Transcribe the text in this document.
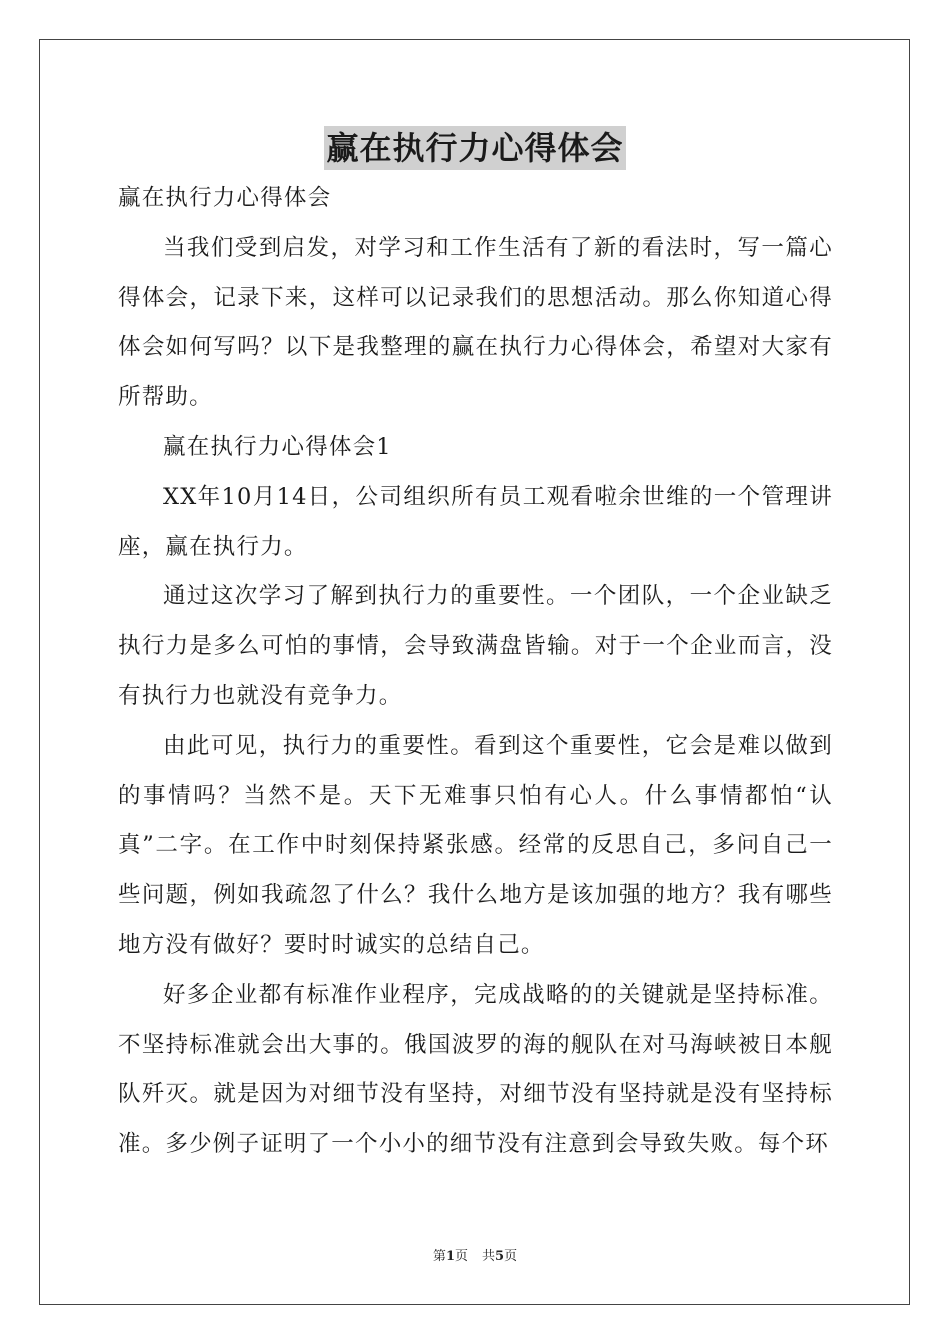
赢在执行力心得体会

赢在执行力心得体会

当我们受到启发，对学习和工作生活有了新的看法时，写一篇心得体会，记录下来，这样可以记录我们的思想活动。那么你知道心得体会如何写吗？以下是我整理的赢在执行力心得体会，希望对大家有所帮助。

赢在执行力心得体会1

XX年10月14日，公司组织所有员工观看啦余世维的一个管理讲座，赢在执行力。

通过这次学习了解到执行力的重要性。一个团队，一个企业缺乏执行力是多么可怕的事情，会导致满盘皆输。对于一个企业而言，没有执行力也就没有竞争力。

由此可见，执行力的重要性。看到这个重要性，它会是难以做到的事情吗？当然不是。天下无难事只怕有心人。什么事情都怕“认真”二字。在工作中时刻保持紧张感。经常的反思自己，多问自己一些问题，例如我疏忽了什么？我什么地方是该加强的地方？我有哪些地方没有做好？要时时诚实的总结自己。

好多企业都有标准作业程序，完成战略的的关键就是坚持标准。不坚持标准就会出大事的。俄国波罗的海的舰队在对马海峡被日本舰队歼灭。就是因为对细节没有坚持，对细节没有坚持就是没有坚持标准。多少例子证明了一个小小的细节没有注意到会导致失败。每个环

第1页 共5页
